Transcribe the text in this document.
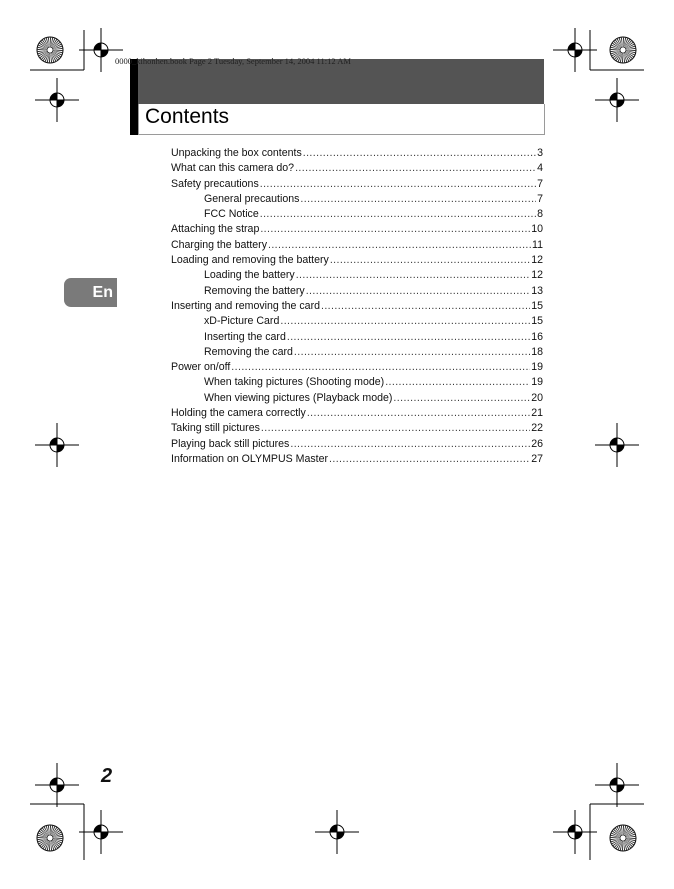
Contents
0000_kihonhen.book Page 2 Tuesday, September 14, 2004 11:12 AM
Unpacking the box contents .....	3
What can this camera do? .....	4
Safety precautions .....	7
General precautions .....	7
FCC Notice .....	8
Attaching the strap .....	10
Charging the battery .....	11
Loading and removing the battery .....	12
Loading the battery .....	12
Removing the battery .....	13
Inserting and removing the card .....	15
xD-Picture Card .....	15
Inserting the card .....	16
Removing the card .....	18
Power on/off .....	19
When taking pictures (Shooting mode) .....	19
When viewing pictures (Playback mode) .....	20
Holding the camera correctly .....	21
Taking still pictures .....	22
Playing back still pictures .....	26
Information on OLYMPUS Master .....	27
En
2
